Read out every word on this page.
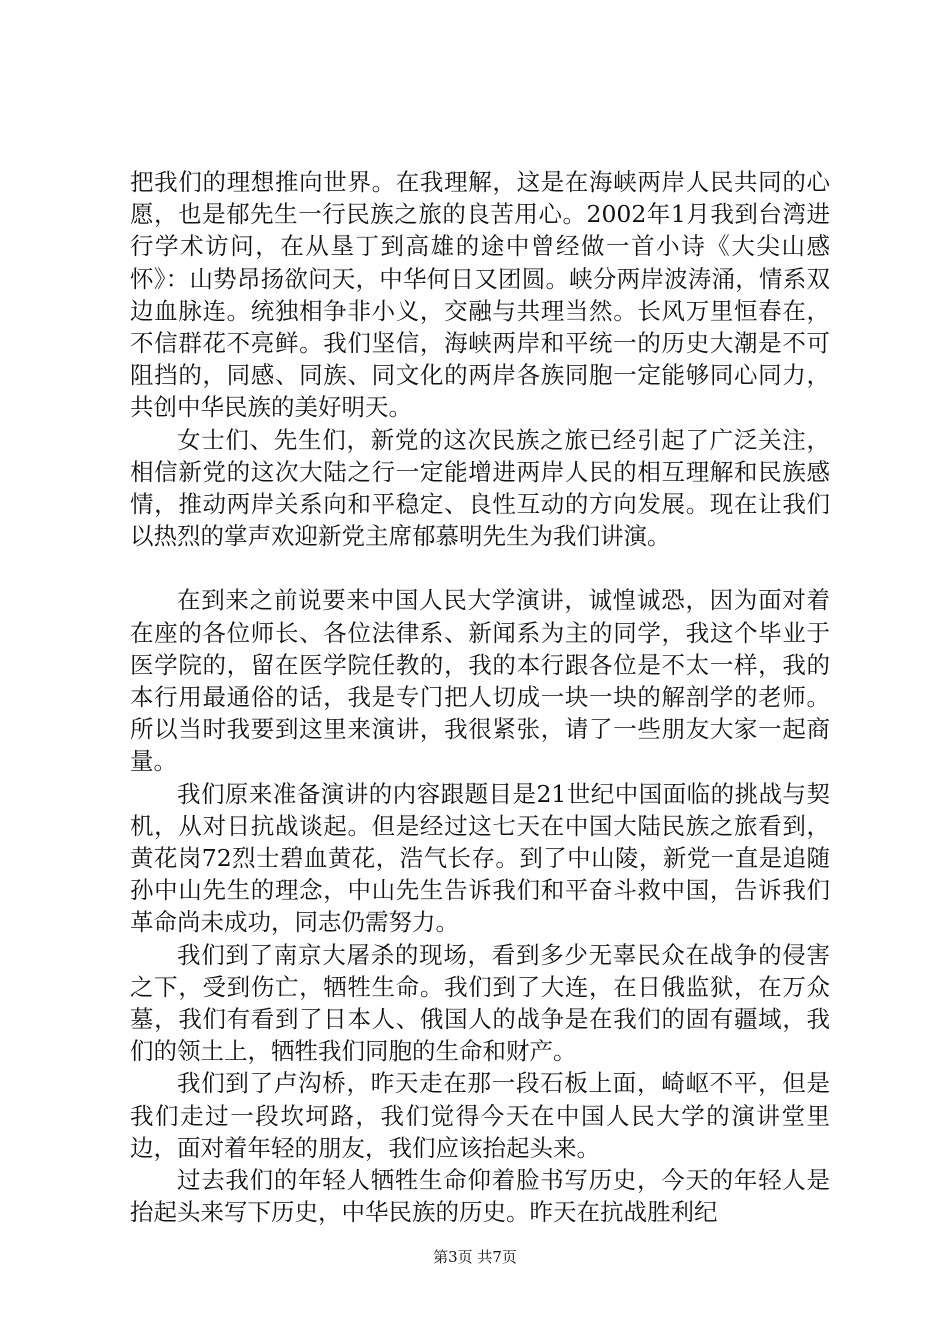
把我们的理想推向世界。在我理解，这是在海峡两岸人民共同的心愿，也是郁先生一行民族之旅的良苦用心。2002年1月我到台湾进行学术访问，在从垦丁到高雄的途中曾经做一首小诗《大尖山感怀》：山势昂扬欲问天，中华何日又团圆。峡分两岸波涛涌，情系双边血脉连。统独相争非小义，交融与共理当然。长风万里恒春在，不信群花不亮鲜。我们坚信，海峡两岸和平统一的历史大潮是不可阻挡的，同感、同族、同文化的两岸各族同胞一定能够同心同力，共创中华民族的美好明天。

女士们、先生们，新党的这次民族之旅已经引起了广泛关注，相信新党的这次大陆之行一定能增进两岸人民的相互理解和民族感情，推动两岸关系向和平稳定、良性互动的方向发展。现在让我们以热烈的掌声欢迎新党主席郁慕明先生为我们讲演。

在到来之前说要来中国人民大学演讲，诚惶诚恐，因为面对着在座的各位师长、各位法律系、新闻系为主的同学，我这个毕业于医学院的，留在医学院任教的，我的本行跟各位是不太一样，我的本行用最通俗的话，我是专门把人切成一块一块的解剖学的老师。所以当时我要到这里来演讲，我很紧张，请了一些朋友大家一起商量。

我们原来准备演讲的内容跟题目是21世纪中国面临的挑战与契机，从对日抗战谈起。但是经过这七天在中国大陆民族之旅看到，黄花岗72烈士碧血黄花，浩气长存。到了中山陵，新党一直是追随孙中山先生的理念，中山先生告诉我们和平奋斗救中国，告诉我们革命尚未成功，同志仍需努力。

我们到了南京大屠杀的现场，看到多少无辜民众在战争的侵害之下，受到伤亡，牺牲生命。我们到了大连，在日俄监狱，在万众墓，我们有看到了日本人、俄国人的战争是在我们的固有疆域，我们的领土上，牺牲我们同胞的生命和财产。

我们到了卢沟桥，昨天走在那一段石板上面，崎岖不平，但是我们走过一段坎坷路，我们觉得今天在中国人民大学的演讲堂里边，面对着年轻的朋友，我们应该抬起头来。

过去我们的年轻人牺牲生命仰着脸书写历史，今天的年轻人是抬起头来写下历史，中华民族的历史。昨天在抗战胜利纪

第3页 共7页
